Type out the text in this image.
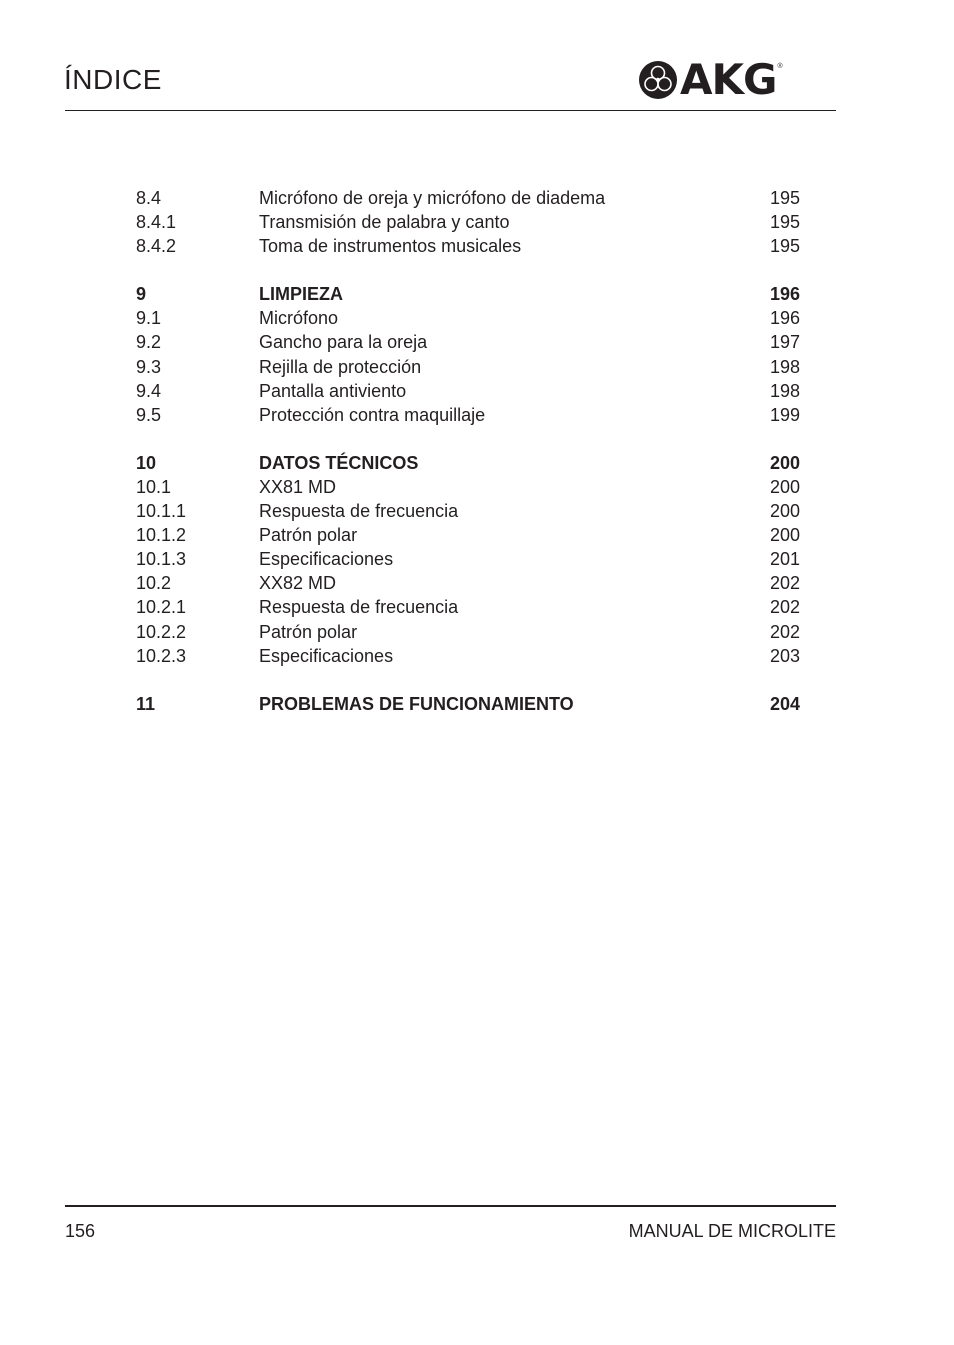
ÍNDICE	AKG ®
8.4	Micrófono de oreja y micrófono de diadema	195
8.4.1	Transmisión de palabra y canto	195
8.4.2	Toma de instrumentos musicales	195
9	LIMPIEZA	196
9.1	Micrófono	196
9.2	Gancho para la oreja	197
9.3	Rejilla de protección	198
9.4	Pantalla antiviento	198
9.5	Protección contra maquillaje	199
10	DATOS TÉCNICOS	200
10.1	XX81 MD	200
10.1.1	Respuesta de frecuencia	200
10.1.2	Patrón polar	200
10.1.3	Especificaciones	201
10.2	XX82 MD	202
10.2.1	Respuesta de frecuencia	202
10.2.2	Patrón polar	202
10.2.3	Especificaciones	203
11	PROBLEMAS DE FUNCIONAMIENTO	204
156	MANUAL DE MICROLITE
